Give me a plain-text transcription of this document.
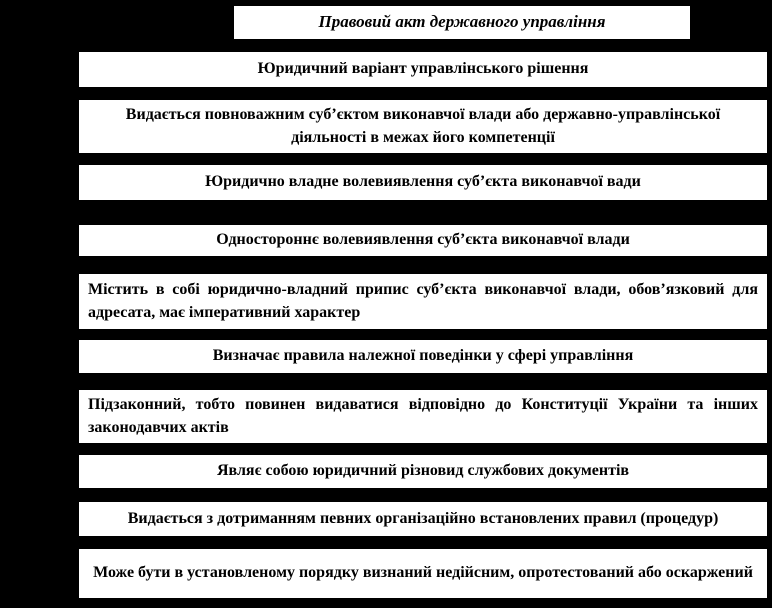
Правовий акт державного управління
Юридичний варіант управлінського рішення
Видається повноважним суб’єктом виконавчої влади або державно-управлінської діяльності в межах його компетенції
Юридично владне волевиявлення суб’єкта виконавчої вади
Одностороннє волевиявлення суб’єкта виконавчої влади
Містить в собі юридично-владний припис суб’єкта виконавчої влади, обов’язковий для адресата, має імперативний характер
Визначає правила належної поведінки у сфері управління
Підзаконний, тобто повинен видаватися відповідно до Конституції України та інших законодавчих актів
Являє собою юридичний різновид службових документів
Видається з дотриманням певних організаційно встановлених правил (процедур)
Може бути в установленому порядку визнаний недійсним, опротестований або оскаржений
